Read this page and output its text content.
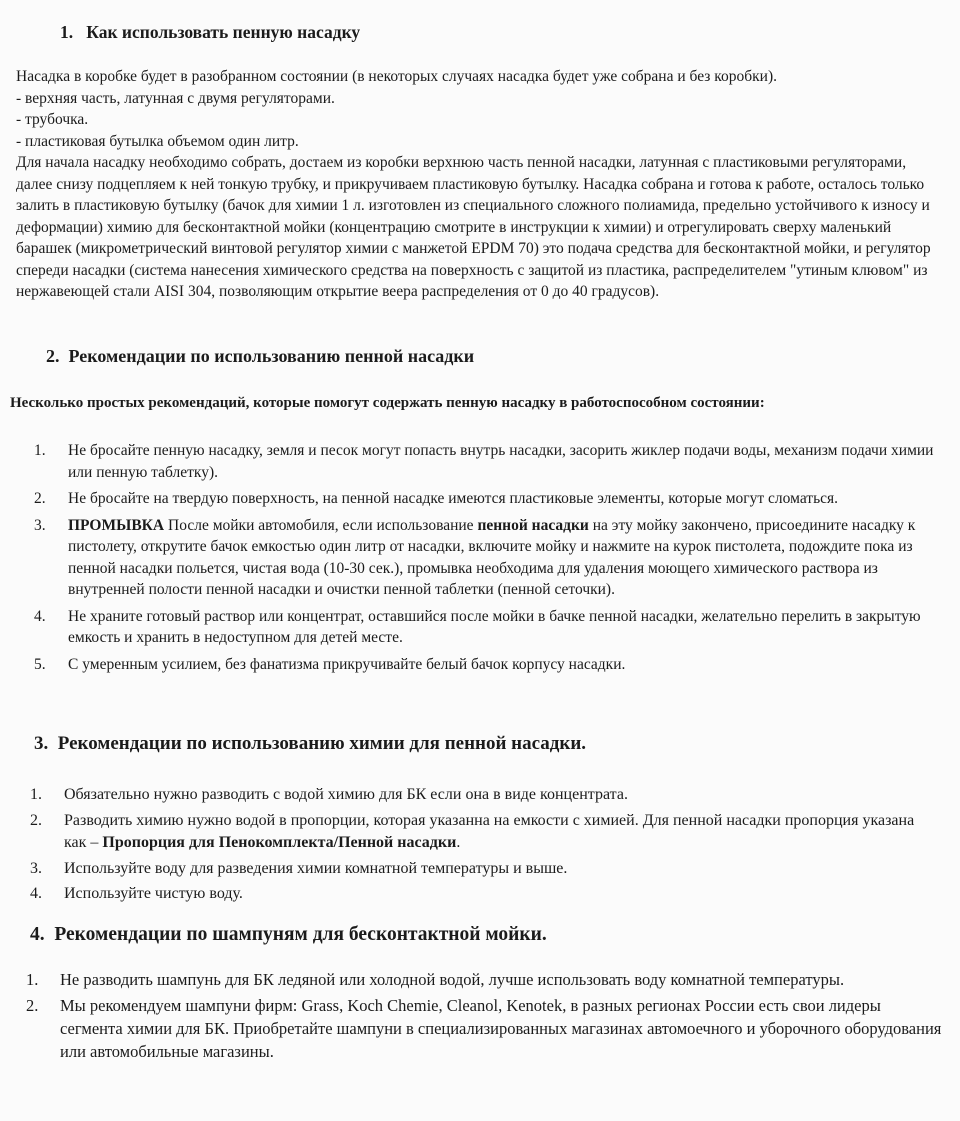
1. Как использовать пенную насадку

Насадка в коробке будет в разобранном состоянии (в некоторых случаях насадка будет уже собрана и без коробки).

- верхняя часть, латунная с двумя регуляторами.

- трубочка.

- пластиковая бутылка объемом один литр.

Для начала насадку необходимо собрать, достаем из коробки верхнюю часть пенной насадки, латунная с пластиковыми регуляторами, далее снизу подцепляем к ней тонкую трубку, и прикручиваем пластиковую бутылку. Насадка собрана и готова к работе, осталось только залить в пластиковую бутылку (бачок для химии 1 л. изготовлен из специального сложного полиамида, предельно устойчивого к износу и деформации) химию для бесконтактной мойки (концентрацию смотрите в инструкции к химии) и отрегулировать сверху маленький барашек (микрометрический винтовой регулятор химии с манжетой EPDM 70) это подача средства для бесконтактной мойки, и регулятор спереди насадки (система нанесения химического средства на поверхность с защитой из пластика, распределителем "утиным клювом" из нержавеющей стали AISI 304, позволяющим открытие веера распределения от 0 до 40 градусов).

2. Рекомендации по использованию пенной насадки

Несколько простых рекомендаций, которые помогут содержать пенную насадку в работоспособном состоянии:

1. Не бросайте пенную насадку, земля и песок могут попасть внутрь насадки, засорить жиклер подачи воды, механизм подачи химии или пенную таблетку).
2. Не бросайте на твердую поверхность, на пенной насадке имеются пластиковые элементы, которые могут сломаться.
3. ПРОМЫВКА После мойки автомобиля, если использование пенной насадки на эту мойку закончено, присоедините насадку к пистолету, открутите бачок емкостью один литр от насадки, включите мойку и нажмите на курок пистолета, подождите пока из пенной насадки польется, чистая вода (10-30 сек.), промывка необходима для удаления моющего химического раствора из внутренней полости пенной насадки и очистки пенной таблетки (пенной сеточки).
4. Не храните готовый раствор или концентрат, оставшийся после мойки в бачке пенной насадки, желательно перелить в закрытую емкость и хранить в недоступном для детей месте.
5. С умеренным усилием, без фанатизма прикручивайте белый бачок корпусу насадки.
3. Рекомендации по использованию химии для пенной насадки.
1. Обязательно нужно разводить с водой химию для БК если она в виде концентрата.
2. Разводить химию нужно водой в пропорции, которая указанна на емкости с химией. Для пенной насадки пропорция указана как – Пропорция для Пенокомплекта/Пенной насадки.
3. Используйте воду для разведения химии комнатной температуры и выше.
4. Используйте чистую воду.
4. Рекомендации по шампуням для бесконтактной мойки.
1. Не разводить шампунь для БК ледяной или холодной водой, лучше использовать воду комнатной температуры.
2. Мы рекомендуем шампуни фирм: Grass, Koch Chemie, Cleanol, Kenotek, в разных регионах России есть свои лидеры сегмента химии для БК. Приобретайте шампуни в специализированных магазинах автомоечного и уборочного оборудования или автомобильные магазины.
